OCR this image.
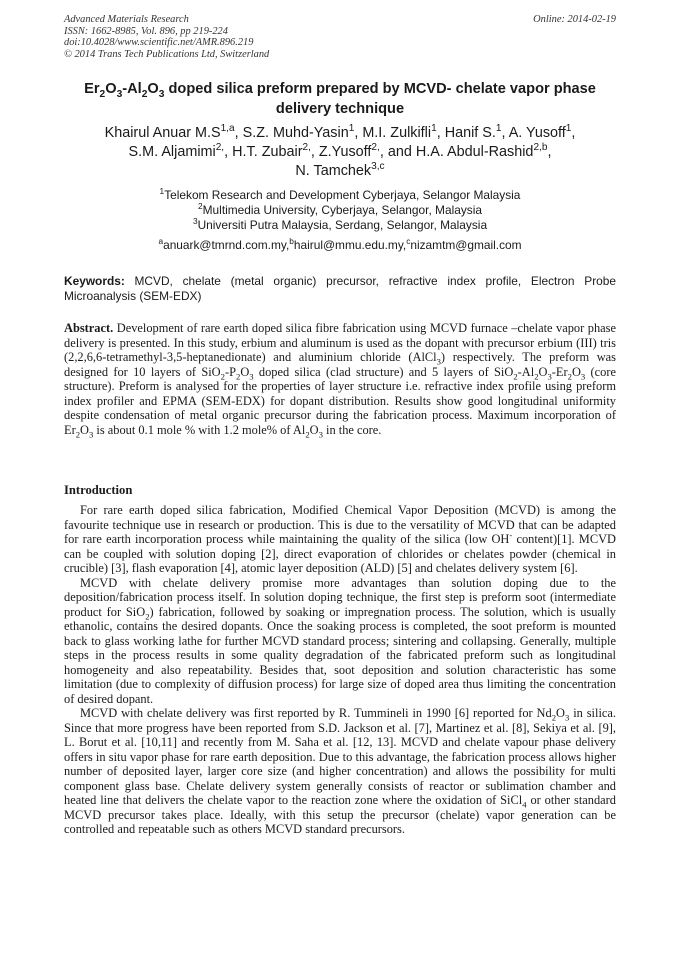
Advanced Materials Research
ISSN: 1662-8985, Vol. 896, pp 219-224
doi:10.4028/www.scientific.net/AMR.896.219
© 2014 Trans Tech Publications Ltd, Switzerland
Online: 2014-02-19
$Er_2O_3-Al_2O_3$ doped silica preform prepared by MCVD- chelate vapor phase delivery technique
Khairul Anuar $M.S^{1,a}$, S.Z. Muhd-Yasin$^1$, M.I. Zulkifli$^1$, Hanif S.$^1$, A. Yusoff$^1$,
S.M. Aljamimi$^{2,}$, H.T. Zubair$^{2,}$, Z.Yusoff$^{2,}$, and H.A. Abdul-Rashid$^{2,b}$,
N. Tamchek$^{3,c}$
$^1$Telekom Research and Development Cyberjaya, Selangor Malaysia
$^2$Multimedia University, Cyberjaya, Selangor, Malaysia
$^3$Universiti Putra Malaysia, Serdang, Selangor, Malaysia
$^a$anuark@tmrnd.com.my,$^b$hairul@mmu.edu.my,$^c$nizamtm@gmail.com
Keywords: MCVD, chelate (metal organic) precursor, refractive index profile, Electron Probe Microanalysis (SEM-EDX)
Abstract. Development of rare earth doped silica fibre fabrication using MCVD furnace –chelate vapor phase delivery is presented. In this study, erbium and aluminum is used as the dopant with precursor erbium (III) tris (2,2,6,6-tetramethyl-3,5-heptanedionate) and aluminium chloride (AlCl$_3$) respectively. The preform was designed for 10 layers of $SiO_2-P_2O_3$ doped silica (clad structure) and 5 layers of $SiO_2-Al_2O_3-Er_2O_3$ (core structure). Preform is analysed for the properties of layer structure i.e. refractive index profile using preform index profiler and EPMA (SEM-EDX) for dopant distribution. Results show good longitudinal uniformity despite condensation of metal organic precursor during the fabrication process. Maximum incorporation of $Er_2O_3$ is about 0.1 mole % with 1.2 mole% of $Al_2O_3$ in the core.
Introduction

For rare earth doped silica fabrication, Modified Chemical Vapor Deposition (MCVD) is among the favourite technique use in research or production. This is due to the versatility of MCVD that can be adapted for rare earth incorporation process while maintaining the quality of the silica (low OH- content)[1]. MCVD can be coupled with solution doping [2], direct evaporation of chlorides or chelates powder (chemical in crucible) [3], flash evaporation [4], atomic layer deposition (ALD) [5] and chelates delivery system [6].

MCVD with chelate delivery promise more advantages than solution doping due to the deposition/fabrication process itself. In solution doping technique, the first step is preform soot (intermediate product for SiO$_2$) fabrication, followed by soaking or impregnation process. The solution, which is usually ethanolic, contains the desired dopants. Once the soaking process is completed, the soot preform is mounted back to glass working lathe for further MCVD standard process; sintering and collapsing. Generally, multiple steps in the process results in some quality degradation of the fabricated preform such as longitudinal homogeneity and also repeatability. Besides that, soot deposition and solution characteristic has some limitation (due to complexity of diffusion process) for large size of doped area thus limiting the concentration of desired dopant.

MCVD with chelate delivery was first reported by R. Tummineli in 1990 [6] reported for $Nd_2O_3$ in silica. Since that more progress have been reported from S.D. Jackson et al. [7], Martinez et al. [8], Sekiya et al. [9], L. Borut et al. [10,11] and recently from M. Saha et al. [12, 13]. MCVD and chelate vapour phase delivery offers in situ vapor phase for rare earth deposition. Due to this advantage, the fabrication process allows higher number of deposited layer, larger core size (and higher concentration) and allows the possibility for multi component glass base. Chelate delivery system generally consists of reactor or sublimation chamber and heated line that delivers the chelate vapor to the reaction zone where the oxidation of SiCl$_4$ or other standard MCVD precursor takes place. Ideally, with this setup the precursor (chelate) vapor generation can be controlled and repeatable such as others MCVD standard precursors.
